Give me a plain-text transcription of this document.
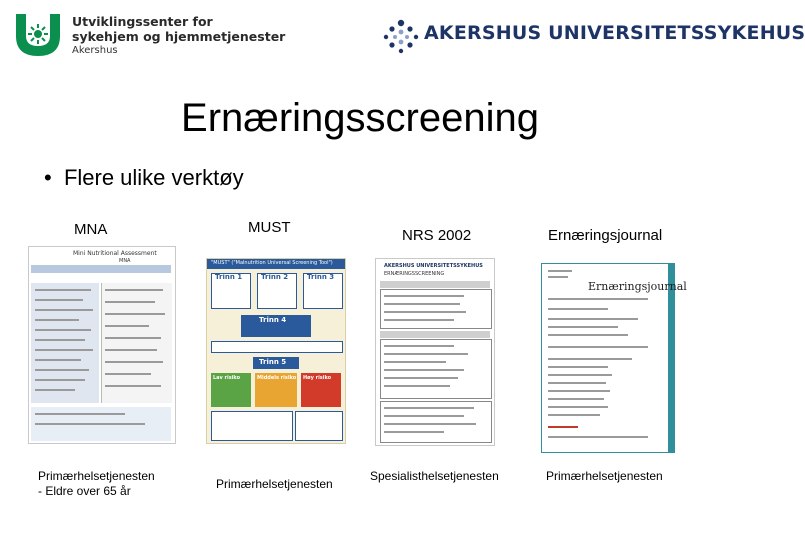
Utviklingssenter for
sykehjem og hjemmetjenester
Akershus
AKERSHUS UNIVERSITETSSYKEHUS
Ernæringsscreening
• Flere ulike verktøy
MNA	MUST	NRS 2002	Ernæringsjournal
Mini Nutritional Assessment
MNA	"MUST" ("Malnutrition Universal Screening Tool")
Trinn 1	Trinn 2	Trinn 3
Trinn 4
Trinn 5
Lav risiko	Middels risiko Høy risiko
AKERSHUS UNIVERSITETSSYKEHUS
ERNÆRINGSSCREENING
Ernæringsjournal
Primærhelsetjenesten
- Eldre over 65 år	Primærhelsetjenesten
Spesialisthelsetjenesten	Primærhelsetjenesten
